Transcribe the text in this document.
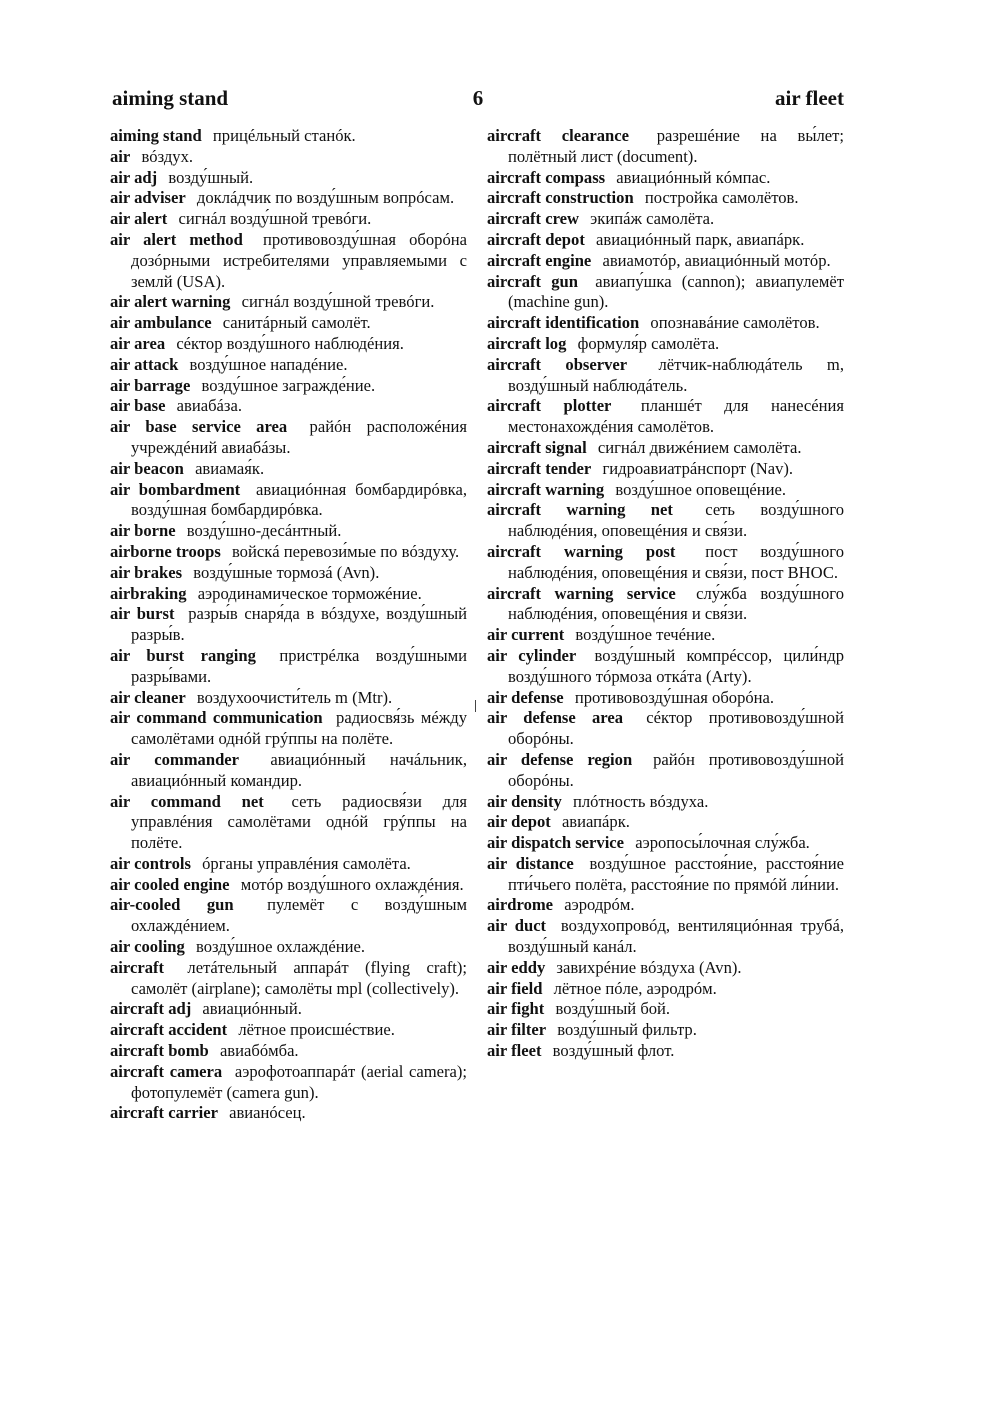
aiming stand	6	air fleet
aiming stand прицéльный станóк.
air вóздух.
air adj возду́шный.
air adviser доклáдчик по возду́шным вопрóсам.
air alert сигнáл возду́шной тревóги.
air alert method противовозду́шная оборóна дозóрными истребителями управляемыми с землй (USA).
air alert warning сигнáл возду́шной тревóги.
air ambulance санитáрный самолёт.
air area сéктор возду́шного наблюдéния.
air attack возду́шное нападéние.
air barrage возду́шное загражде́ние.
air base авиабáза.
air base service area райóн расположéния учреждéний авиабáзы.
air beacon авиамая́к.
air bombardment авиациóнная бомбардирóвка, возду́шная бомбардирóвка.
air borne возду́шно-десáнтный.
airborne troops войскá перевози́мые по вóздуху.
air brakes возду́шные тормозá (Avn).
airbraking аэродинамическое торможéние.
air burst разры́в снаря́да в вóздухе, возду́шный разры́в.
air burst ranging пристрéлка возду́шными разры́вами.
air cleaner воздухоочисти́тель m (Mtr).
air command communication радиосвя́зь мéжду самолётами однóй грýппы на полёте.
air commander авиациóнный начáльник, авиациóнный командир.
air command net сеть радиосвя́зи для управлéния самолётами однóй грýппы на полёте.
air controls óрганы управлéния самолёта.
air cooled engine мотóр возду́шного охлаждéния.
air-cooled gun пулемёт с возду́шным охлаждéнием.
air cooling возду́шное охлаждéние.
aircraft летáтельный аппарáт (flying craft); самолёт (airplane); самолёты mpl (collectively).
aircraft adj авиациóнный.
aircraft accident лётное происшéствие.
aircraft bomb авиабóмба.
aircraft camera аэрофотоаппарáт (aerial camera); фотопулемёт (camera gun).
aircraft carrier авианóсец.
aircraft clearance разрешéние на вы́лет; полётный лист (document).
aircraft compass авиациóнный кóмпас.
aircraft construction постройка самолётов.
aircraft crew экипáж самолёта.
aircraft depot авиациóнный парк, авиапáрк.
aircraft engine авиамотóр, авиациóнный мотóр.
aircraft gun авиапу́шка (cannon); авиапулемёт (machine gun).
aircraft identification опознавáние самолётов.
aircraft log формуля́р самолёта.
aircraft observer лётчик-наблюдáтель m, возду́шный наблюдáтель.
aircraft plotter планшéт для нанесéния местонахождéния самолётов.
aircraft signal сигнáл движéнием самолёта.
aircraft tender гидроавиатрáнспорт (Nav).
aircraft warning возду́шное оповещéние.
aircraft warning net сеть возду́шного наблюдéния, оповещéния и свя́зи.
aircraft warning post пост возду́шного наблюдéния, оповещéния и свя́зи, пост ВНОС.
aircraft warning service слу́жба возду́шного наблюдéния, оповещéния и свя́зи.
air current возду́шное течéние.
air cylinder возду́шный компрéссор, цили́ндр возду́шного тóрмоза откáта (Arty).
air defense противовозду́шная оборóна.
air defense area сéктор противовозду́шной оборóны.
air defense region райóн противовозду́шной оборóны.
air density плóтность вóздуха.
air depot авиапáрк.
air dispatch service аэропосы́лочная слу́жба.
air distance возду́шное расстоя́ние, расстоя́ние пти́чьего полёта, расстоя́ние по прямóй ли́нии.
airdrome аэродрóм.
air duct воздухопровóд, вентиляциóнная трубá, возду́шный канáл.
air eddy завихрéние вóздуха (Avn).
air field лётное пóле, аэродрóм.
air fight возду́шный бой.
air filter возду́шный фильтр.
air fleet возду́шный флот.
